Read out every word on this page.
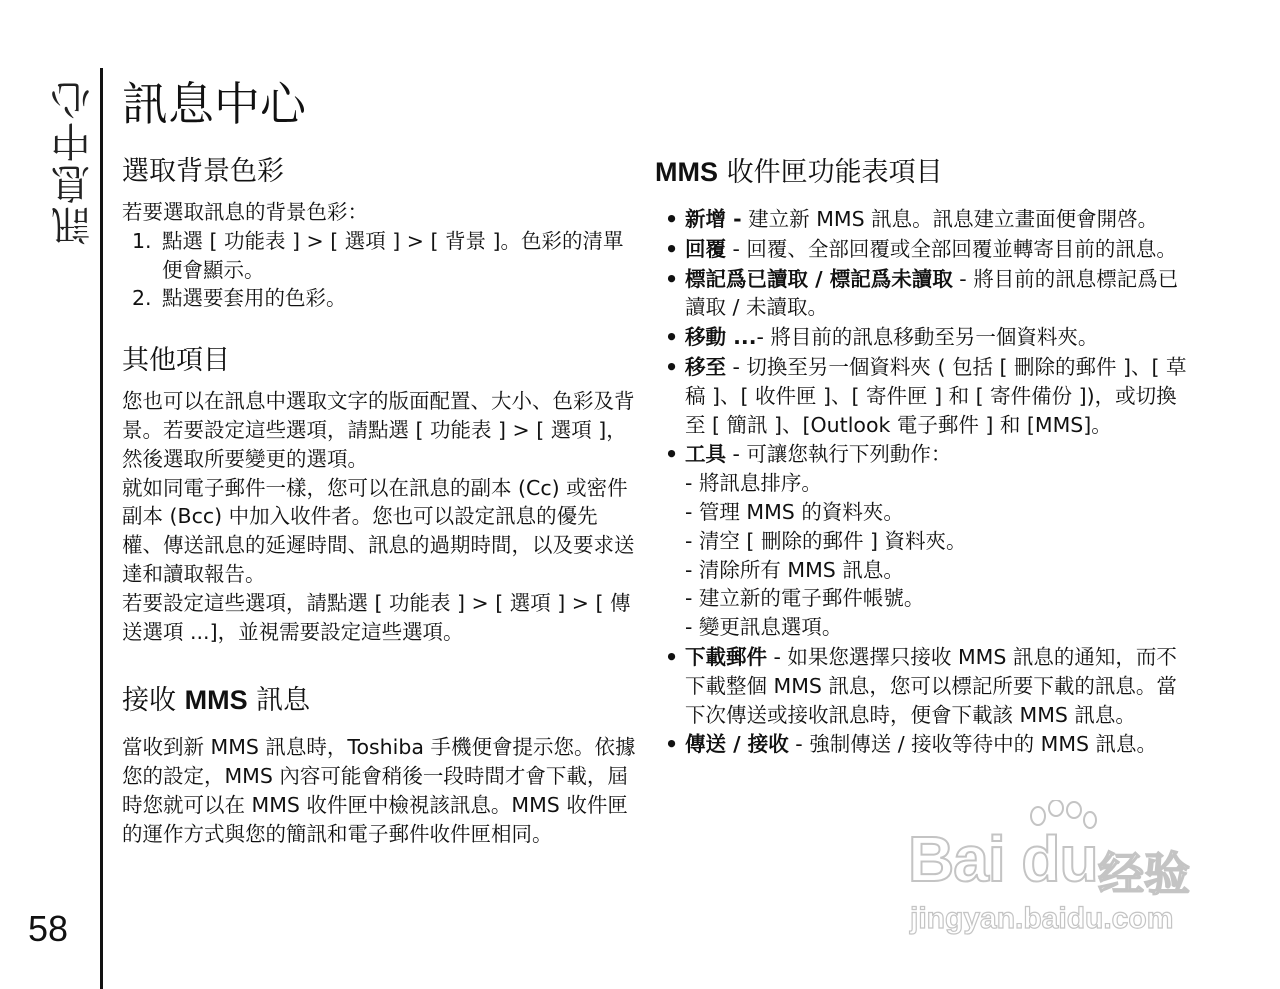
訊息中心
58
訊息中心
選取背景色彩

若要選取訊息的背景色彩：

1. 點選 [ 功能表 ] > [ 選項 ] > [ 背景 ]。色彩的清單便會顯示。
2. 點選要套用的色彩。
其他項目

您也可以在訊息中選取文字的版面配置、大小、色彩及背景。若要設定這些選項，請點選 [ 功能表 ] > [ 選項 ]，然後選取所要變更的選項。

就如同電子郵件一樣，您可以在訊息的副本 (Cc) 或密件副本 (Bcc) 中加入收件者。您也可以設定訊息的優先權、傳送訊息的延遲時間、訊息的過期時間，以及要求送達和讀取報告。

若要設定這些選項，請點選 [ 功能表 ] > [ 選項 ] > [ 傳送選項 ...]，並視需要設定這些選項。

接收 MMS 訊息

當收到新 MMS 訊息時，Toshiba 手機便會提示您。依據您的設定，MMS 內容可能會稍後一段時間才會下載，屆時您就可以在 MMS 收件匣中檢視該訊息。MMS 收件匣的運作方式與您的簡訊和電子郵件收件匣相同。

MMS 收件匣功能表項目
• 新增 - 建立新 MMS 訊息。訊息建立畫面便會開啓。
• 回覆 - 回覆、全部回覆或全部回覆並轉寄目前的訊息。
• 標記爲已讀取 / 標記爲未讀取 - 將目前的訊息標記爲已讀取 / 未讀取。
• 移動 ...- 將目前的訊息移動至另一個資料夾。
• 移至 - 切換至另一個資料夾 ( 包括 [ 刪除的郵件 ]、[ 草稿 ]、[ 收件匣 ]、[ 寄件匣 ] 和 [ 寄件備份 ])，或切換至 [ 簡訊 ]、[Outlook 電子郵件 ] 和 [MMS]。
• 工具 - 可讓您執行下列動作：
- 將訊息排序。
- 管理 MMS 的資料夾。
- 清空 [ 刪除的郵件 ] 資料夾。
- 清除所有 MMS 訊息。
- 建立新的電子郵件帳號。
- 變更訊息選項。
• 下載郵件 - 如果您選擇只接收 MMS 訊息的通知，而不下載整個 MMS 訊息，您可以標記所要下載的訊息。當下次傳送或接收訊息時，便會下載該 MMS 訊息。
• 傳送 / 接收 - 強制傳送 / 接收等待中的 MMS 訊息。
Bai du 经验
jingyan.baidu.com
